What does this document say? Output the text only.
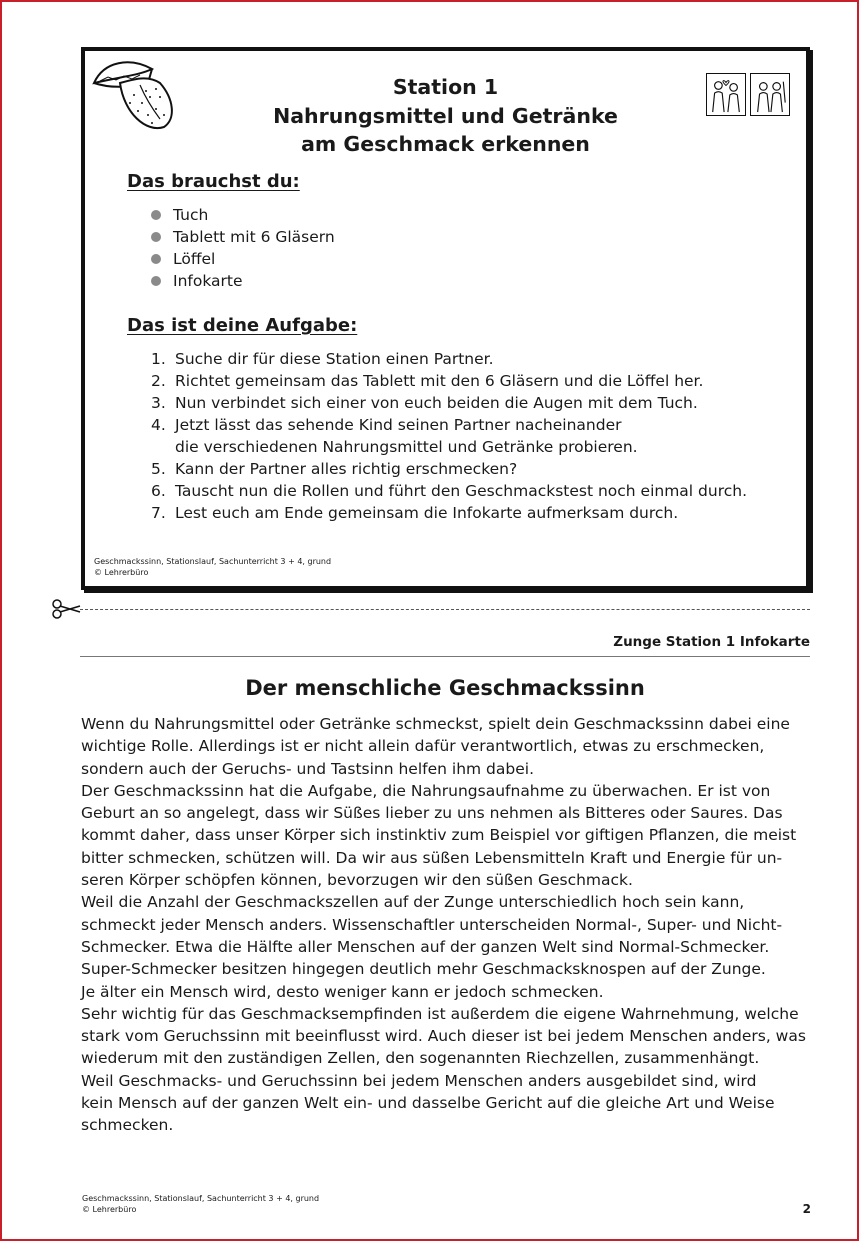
Station 1
Nahrungsmittel und Getränke
am Geschmack erkennen
Das brauchst du:
Tuch
Tablett mit 6 Gläsern
Löffel
Infokarte
Das ist deine Aufgabe:
1. Suche dir für diese Station einen Partner.
2. Richtet gemeinsam das Tablett mit den 6 Gläsern und die Löffel her.
3. Nun verbindet sich einer von euch beiden die Augen mit dem Tuch.
4. Jetzt lässt das sehende Kind seinen Partner nacheinander
die verschiedenen Nahrungsmittel und Getränke probieren.
5. Kann der Partner alles richtig erschmecken?
6. Tauscht nun die Rollen und führt den Geschmackstest noch einmal durch.
7. Lest euch am Ende gemeinsam die Infokarte aufmerksam durch.
Geschmackssinn, Stationslauf, Sachunterricht 3 + 4, grund
© Lehrerbüro
Zunge Station 1 Infokarte
Der menschliche Geschmackssinn
Wenn du Nahrungsmittel oder Getränke schmeckst, spielt dein Geschmackssinn dabei eine
wichtige Rolle. Allerdings ist er nicht allein dafür verantwortlich, etwas zu erschmecken,
sondern auch der Geruchs- und Tastsinn helfen ihm dabei.
Der Geschmackssinn hat die Aufgabe, die Nahrungsaufnahme zu überwachen. Er ist von
Geburt an so angelegt, dass wir Süßes lieber zu uns nehmen als Bitteres oder Saures. Das
kommt daher, dass unser Körper sich instinktiv zum Beispiel vor giftigen Pflanzen, die meist
bitter schmecken, schützen will. Da wir aus süßen Lebensmitteln Kraft und Energie für un-
seren Körper schöpfen können, bevorzugen wir den süßen Geschmack.
Weil die Anzahl der Geschmackszellen auf der Zunge unterschiedlich hoch sein kann,
schmeckt jeder Mensch anders. Wissenschaftler unterscheiden Normal-, Super- und Nicht-
Schmecker. Etwa die Hälfte aller Menschen auf der ganzen Welt sind Normal-Schmecker.
Super-Schmecker besitzen hingegen deutlich mehr Geschmacksknospen auf der Zunge.
Je älter ein Mensch wird, desto weniger kann er jedoch schmecken.
Sehr wichtig für das Geschmacksempfinden ist außerdem die eigene Wahrnehmung, welche
stark vom Geruchssinn mit beeinflusst wird. Auch dieser ist bei jedem Menschen anders, was
wiederum mit den zuständigen Zellen, den sogenannten Riechzellen, zusammenhängt.
Weil Geschmacks- und Geruchssinn bei jedem Menschen anders ausgebildet sind, wird
kein Mensch auf der ganzen Welt ein- und dasselbe Gericht auf die gleiche Art und Weise
schmecken.
Geschmackssinn, Stationslauf, Sachunterricht 3 + 4, grund
© Lehrerbüro	2
